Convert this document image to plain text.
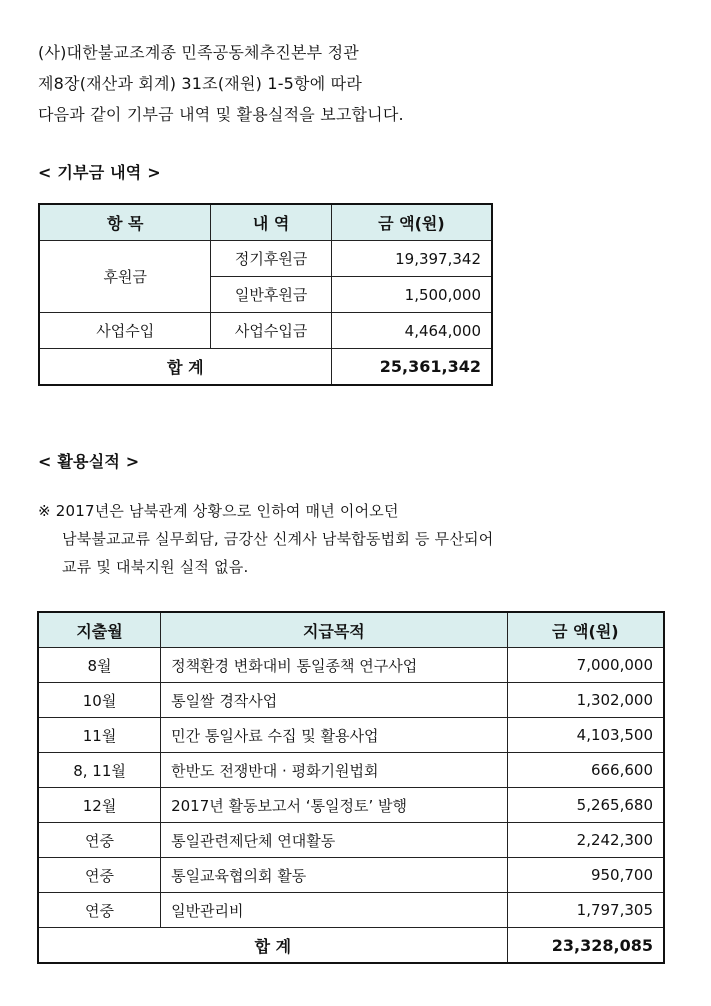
(사)대한불교조계종 민족공동체추진본부 정관
제8장(재산과 회계) 31조(재원) 1-5항에 따라
다음과 같이 기부금 내역 및 활용실적을 보고합니다.
< 기부금 내역 >
항 목	내 역	금 액(원)
후원금	정기후원금	19,397,342
	일반후원금	1,500,000
사업수입	사업수입금	4,464,000
합 계		25,361,342
< 활용실적 >
※ 2017년은 남북관계 상황으로 인하여 매년 이어오던
남북불교교류 실무회담, 금강산 신계사 남북합동법회 등 무산되어
교류 및 대북지원 실적 없음.
지출월	지급목적	금 액(원)
8월	정책환경 변화대비 통일종책 연구사업	7,000,000
10월	통일쌀 경작사업	1,302,000
11월	민간 통일사료 수집 및 활용사업	4,103,500
8, 11월	한반도 전쟁반대 · 평화기원법회	666,600
12월	2017년 활동보고서 ‘통일정토’ 발행	5,265,680
연중	통일관련제단체 연대활동	2,242,300
연중	통일교육협의회 활동	950,700
연중	일반관리비	1,797,305
합 계		23,328,085
